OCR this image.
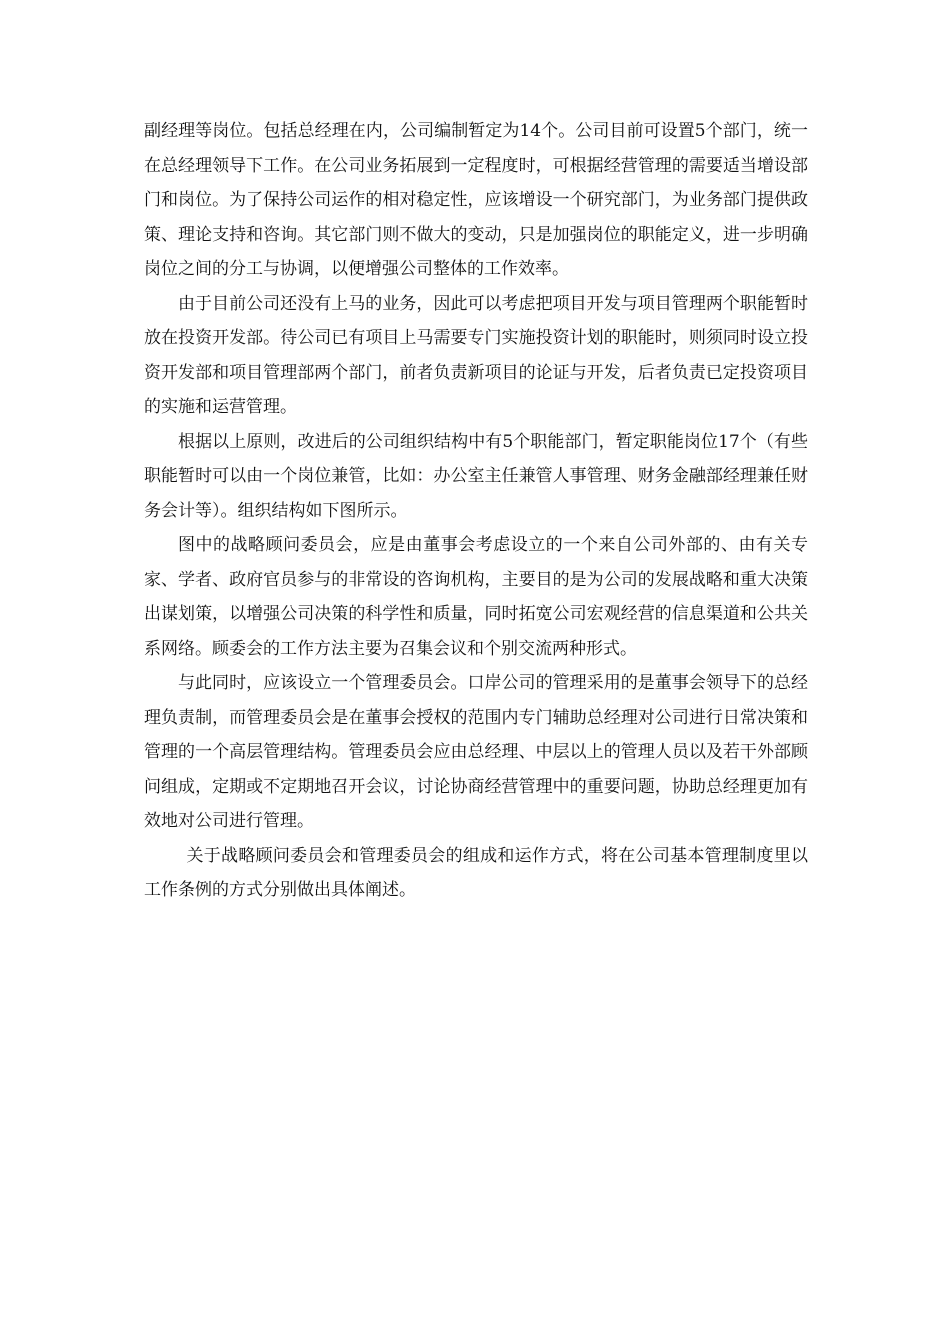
副经理等岗位。包括总经理在内，公司编制暂定为14个。公司目前可设置5个部门，统一在总经理领导下工作。在公司业务拓展到一定程度时，可根据经营管理的需要适当增设部门和岗位。为了保持公司运作的相对稳定性，应该增设一个研究部门，为业务部门提供政策、理论支持和咨询。其它部门则不做大的变动，只是加强岗位的职能定义，进一步明确岗位之间的分工与协调，以便增强公司整体的工作效率。

由于目前公司还没有上马的业务，因此可以考虑把项目开发与项目管理两个职能暂时放在投资开发部。待公司已有项目上马需要专门实施投资计划的职能时，则须同时设立投资开发部和项目管理部两个部门，前者负责新项目的论证与开发，后者负责已定投资项目的实施和运营管理。

根据以上原则，改进后的公司组织结构中有5个职能部门，暂定职能岗位17个（有些职能暂时可以由一个岗位兼管，比如：办公室主任兼管人事管理、财务金融部经理兼任财务会计等）。组织结构如下图所示。

图中的战略顾问委员会，应是由董事会考虑设立的一个来自公司外部的、由有关专家、学者、政府官员参与的非常设的咨询机构，主要目的是为公司的发展战略和重大决策出谋划策，以增强公司决策的科学性和质量，同时拓宽公司宏观经营的信息渠道和公共关系网络。顾委会的工作方法主要为召集会议和个别交流两种形式。

与此同时，应该设立一个管理委员会。口岸公司的管理采用的是董事会领导下的总经理负责制，而管理委员会是在董事会授权的范围内专门辅助总经理对公司进行日常决策和管理的一个高层管理结构。管理委员会应由总经理、中层以上的管理人员以及若干外部顾问组成，定期或不定期地召开会议，讨论协商经营管理中的重要问题，协助总经理更加有效地对公司进行管理。

关于战略顾问委员会和管理委员会的组成和运作方式，将在公司基本管理制度里以工作条例的方式分别做出具体阐述。
